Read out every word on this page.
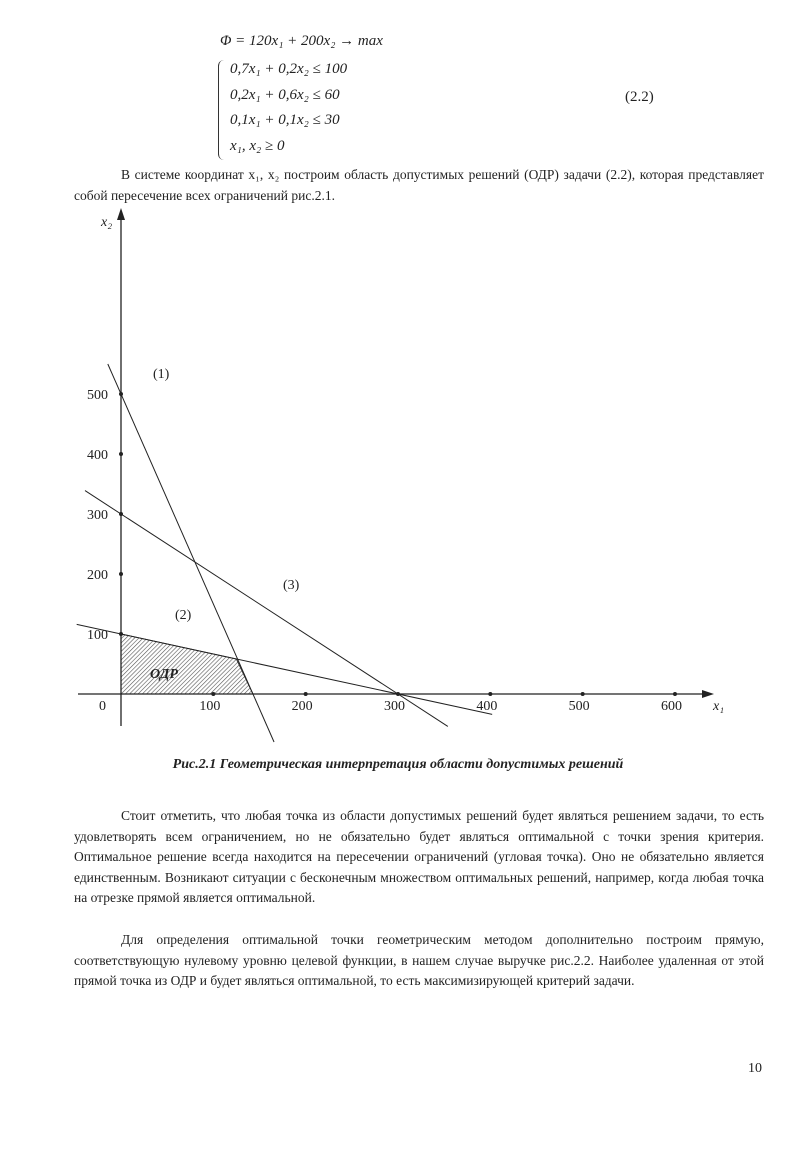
Φ = 120x₁ + 200x₂ → max
0,7x₁ + 0,2x₂ ≤ 100
0,2x₁ + 0,6x₂ ≤ 60
0,1x₁ + 0,1x₂ ≤ 30
x₁, x₂ ≥ 0
(2.2)
В системе координат x₁, x₂ построим область допустимых решений (ОДР) задачи (2.2), которая представляет собой пересечение всех ограничений рис.2.1.
100	200	300	400	500	600
100
200
300
400
500
x₂
x₁
0
(1)
(2)
(3)
ОДР
Рис.2.1 Геометрическая интерпретация области допустимых решений
Стоит отметить, что любая точка из области допустимых решений будет являться решением задачи, то есть удовлетворять всем ограничением, но не обязательно будет являться оптимальной с точки зрения критерия. Оптимальное решение всегда находится на пересечении ограничений (угловая точка). Оно не обязательно является единственным. Возникают ситуации с бесконечным множеством оптимальных решений, например, когда любая точка на отрезке прямой является оптимальной.
Для определения оптимальной точки геометрическим методом дополнительно построим прямую, соответствующую нулевому уровню целевой функции, в нашем случае выручке рис.2.2. Наиболее удаленная от этой прямой точка из ОДР и будет являться оптимальной, то есть максимизирующей критерий задачи.
10
